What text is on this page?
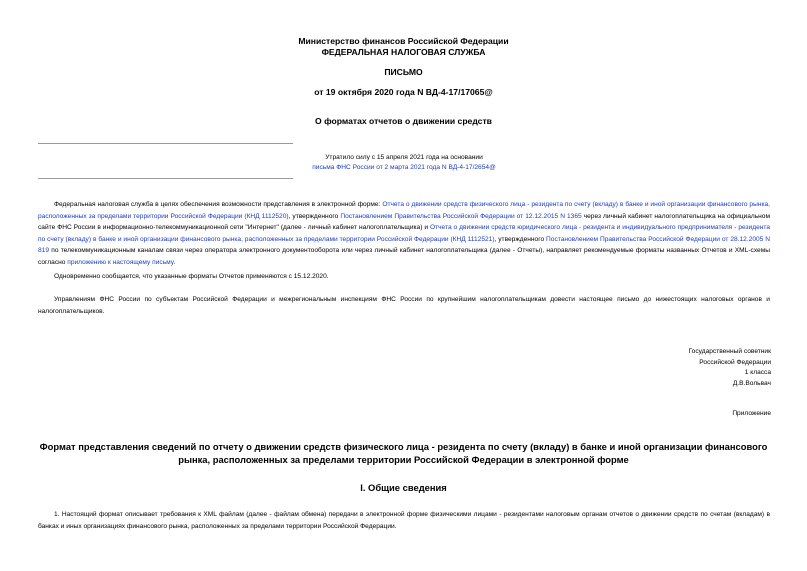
Министерство финансов Российской Федерации
ФЕДЕРАЛЬНАЯ НАЛОГОВАЯ СЛУЖБА
ПИСЬМО
от 19 октября 2020 года N ВД-4-17/17065@
О форматах отчетов о движении средств
Утратило силу с 15 апреля 2021 года на основании
письма ФНС России от 2 марта 2021 года N ВД-4-17/2654@

Федеральная налоговая служба в целях обеспечения возможности представления в электронной форме: Отчета о движении средств физического лица - резидента по счету (вкладу) в банке и иной организации финансового рынка, расположенных за пределами территории Российской Федерации (КНД 1112520), утвержденного Постановлением Правительства Российской Федерации от 12.12.2015 N 1365 через личный кабинет налогоплательщика на официальном сайте ФНС России в информационно-телекоммуникационной сети "Интернет" (далее - личный кабинет налогоплательщика) и Отчета о движении средств юридического лица - резидента и индивидуального предпринимателя - резидента по счету (вкладу) в банке и иной организации финансового рынка, расположенных за пределами территории Российской Федерации (КНД 1112521), утвержденного Постановлением Правительства Российской Федерации от 28.12.2005 N 819 по телекоммуникационным каналам связи через оператора электронного документооборота или через личный кабинет налогоплательщика (далее - Отчеты), направляет рекомендуемые форматы названных Отчетов и XML-схемы согласно приложению к настоящему письму.

Одновременно сообщается, что указанные форматы Отчетов применяются с 15.12.2020.

Управлениям ФНС России по субъектам Российской Федерации и межрегиональным инспекциям ФНС России по крупнейшим налогоплательщикам довести настоящее письмо до нижестоящих налоговых органов и налогоплательщиков.

Государственный советник
Российской Федерации
1 класса
Д.В.Вольвач
Приложение
Формат представления сведений по отчету о движении средств физического лица - резидента по счету (вкладу) в банке и иной организации финансового рынка, расположенных за пределами территории Российской Федерации в электронной форме
I. Общие сведения

1. Настоящий формат описывает требования к XML файлам (далее - файлам обмена) передачи в электронной форме физическими лицами - резидентами налоговым органам отчетов о движении средств по счетам (вкладам) в банках и иных организациях финансового рынка, расположенных за пределами территории Российской Федерации.
